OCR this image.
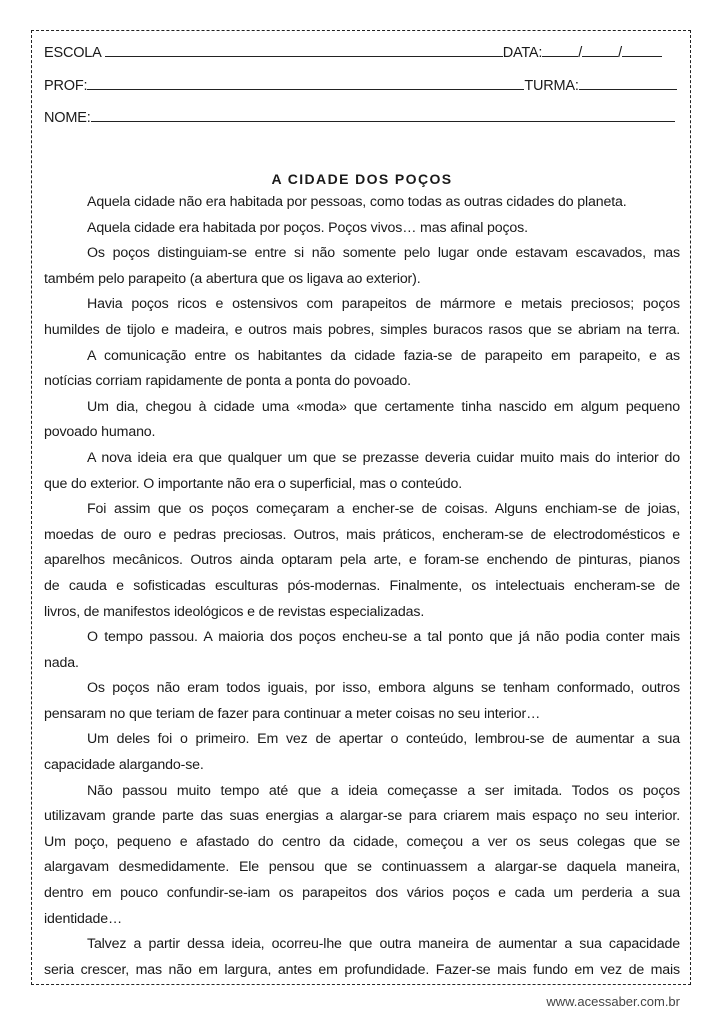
ESCOLA	DATA: / /
PROF:	TURMA:
NOME:
A CIDADE DOS POÇOS
Aquela cidade não era habitada por pessoas, como todas as outras cidades do planeta.
Aquela cidade era habitada por poços. Poços vivos… mas afinal poços.
Os poços distinguiam-se entre si não somente pelo lugar onde estavam escavados, mas
também pelo parapeito (a abertura que os ligava ao exterior).
Havia poços ricos e ostensivos com parapeitos de mármore e metais preciosos; poços
humildes de tijolo e madeira, e outros mais pobres, simples buracos rasos que se abriam na terra.
A comunicação entre os habitantes da cidade fazia-se de parapeito em parapeito, e as
notícias corriam rapidamente de ponta a ponta do povoado.
Um dia, chegou à cidade uma «moda» que certamente tinha nascido em algum pequeno
povoado humano.
A nova ideia era que qualquer um que se prezasse deveria cuidar muito mais do interior do
que do exterior. O importante não era o superficial, mas o conteúdo.
Foi assim que os poços começaram a encher-se de coisas. Alguns enchiam-se de joias,
moedas de ouro e pedras preciosas. Outros, mais práticos, encheram-se de electrodomésticos e
aparelhos mecânicos. Outros ainda optaram pela arte, e foram-se enchendo de pinturas, pianos
de cauda e sofisticadas esculturas pós-modernas. Finalmente, os intelectuais encheram-se de
livros, de manifestos ideológicos e de revistas especializadas.
O tempo passou. A maioria dos poços encheu-se a tal ponto que já não podia conter mais
nada.
Os poços não eram todos iguais, por isso, embora alguns se tenham conformado, outros
pensaram no que teriam de fazer para continuar a meter coisas no seu interior…
Um deles foi o primeiro. Em vez de apertar o conteúdo, lembrou-se de aumentar a sua
capacidade alargando-se.
Não passou muito tempo até que a ideia começasse a ser imitada. Todos os poços
utilizavam grande parte das suas energias a alargar-se para criarem mais espaço no seu interior.
Um poço, pequeno e afastado do centro da cidade, começou a ver os seus colegas que se
alargavam desmedidamente. Ele pensou que se continuassem a alargar-se daquela maneira,
dentro em pouco confundir-se-iam os parapeitos dos vários poços e cada um perderia a sua
identidade…
Talvez a partir dessa ideia, ocorreu-lhe que outra maneira de aumentar a sua capacidade
seria crescer, mas não em largura, antes em profundidade. Fazer-se mais fundo em vez de mais
www.acessaber.com.br
